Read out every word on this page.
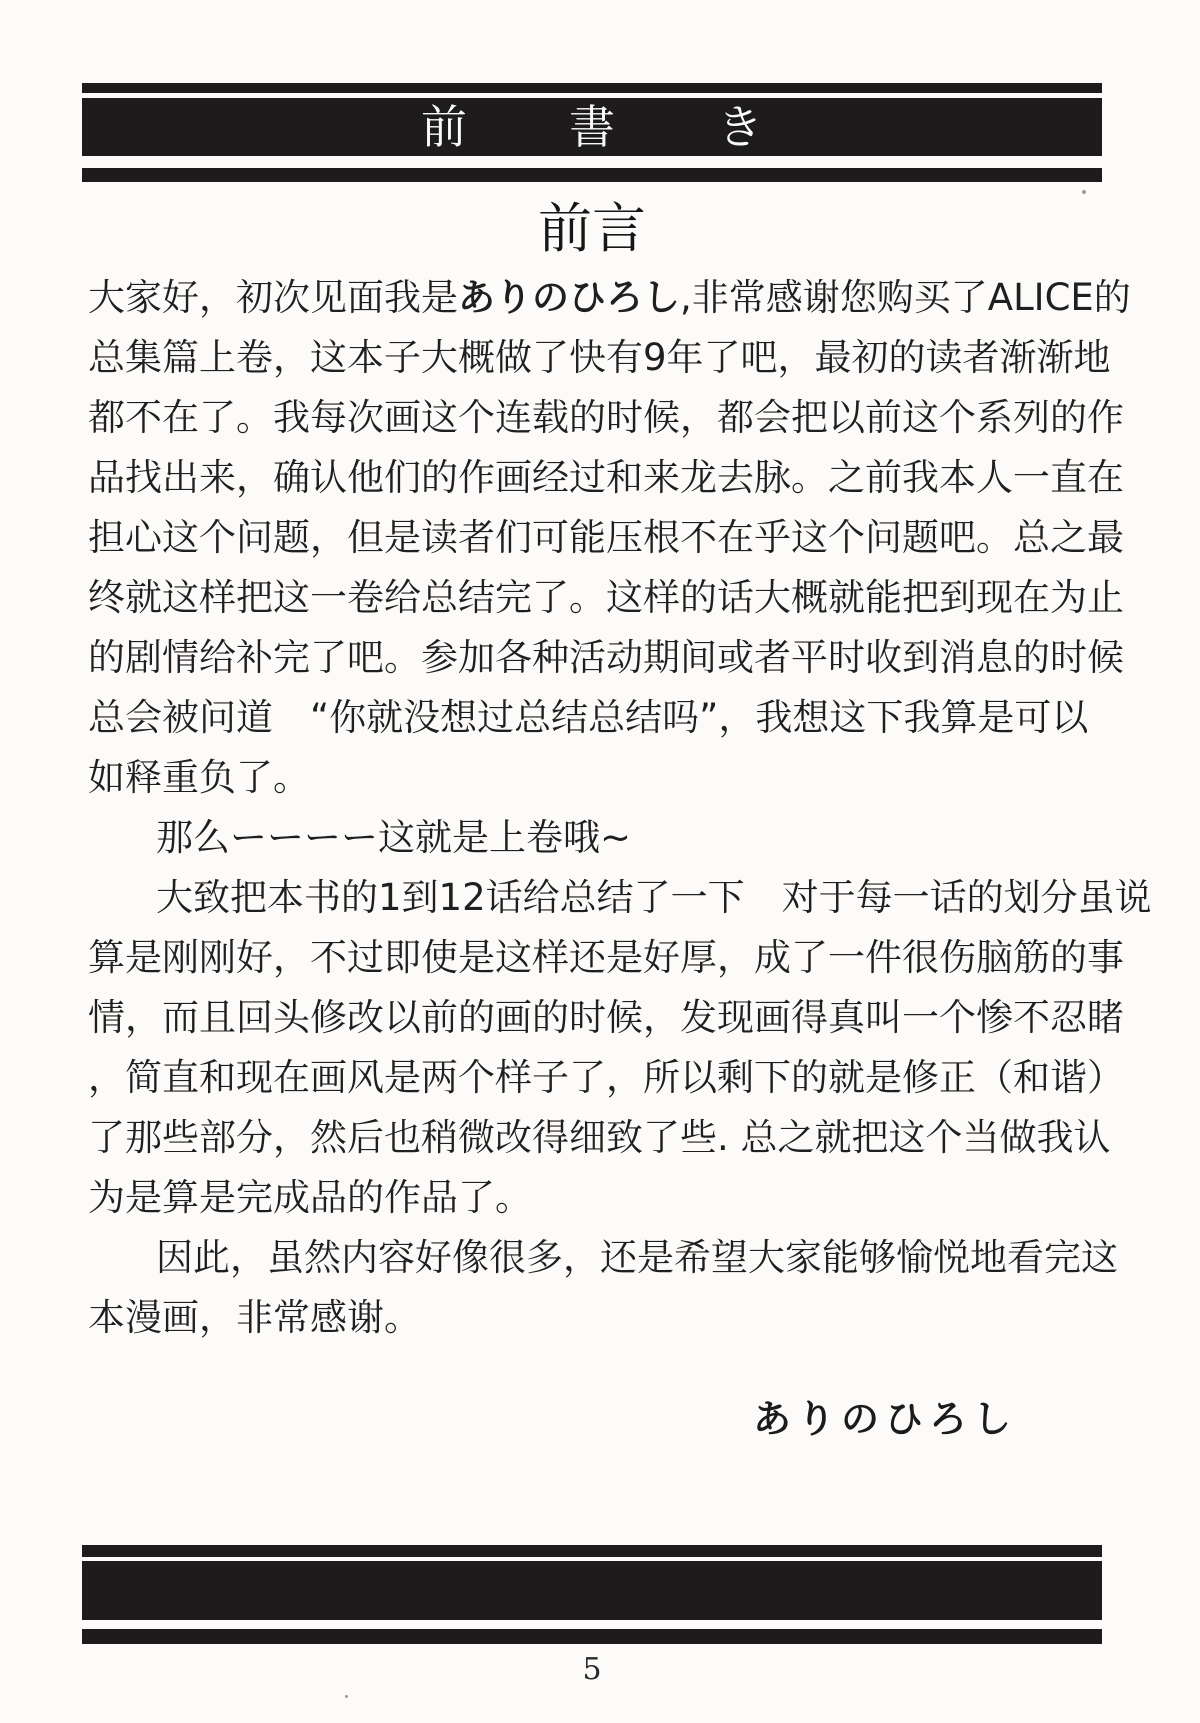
前　書　き
前言
大家好，初次见面我是ありのひろし,非常感谢您购买了ALICE的
总集篇上卷，这本子大概做了快有9年了吧，最初的读者渐渐地
都不在了。我每次画这个连载的时候，都会把以前这个系列的作
品找出来，确认他们的作画经过和来龙去脉。之前我本人一直在
担心这个问题，但是读者们可能压根不在乎这个问题吧。总之最
终就这样把这一卷给总结完了。这样的话大概就能把到现在为止
的剧情给补完了吧。参加各种活动期间或者平时收到消息的时候
总会被问道　“你就没想过总结总结吗”，我想这下我算是可以
如释重负了。
那么ーーーー这就是上卷哦~
大致把本书的1到12话给总结了一下　对于每一话的划分虽说
算是刚刚好，不过即使是这样还是好厚，成了一件很伤脑筋的事
情，而且回头修改以前的画的时候，发现画得真叫一个惨不忍睹
，简直和现在画风是两个样子了，所以剩下的就是修正（和谐）
了那些部分，然后也稍微改得细致了些. 总之就把这个当做我认
为是算是完成品的作品了。
因此，虽然内容好像很多，还是希望大家能够愉悦地看完这
本漫画，非常感谢。
ありのひろし
5
